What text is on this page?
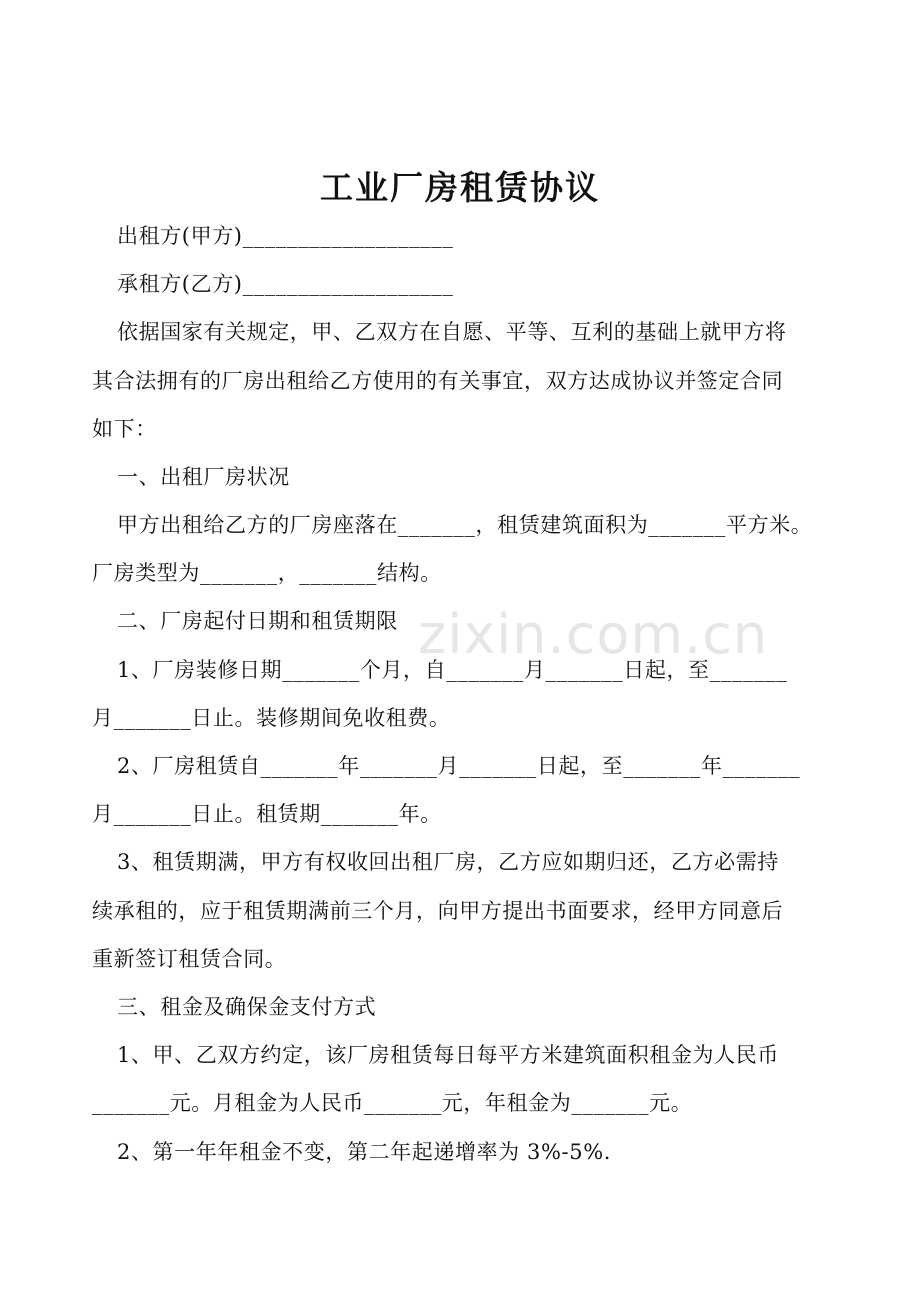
zixin.com.cn
工业厂房租赁协议
出租方(甲方)___________________
承租方(乙方)___________________
依据国家有关规定，甲、乙双方在自愿、平等、互利的基础上就甲方将
其合法拥有的厂房出租给乙方使用的有关事宜，双方达成协议并签定合同
如下：
一、出租厂房状况
甲方出租给乙方的厂房座落在_______，租赁建筑面积为_______平方米。
厂房类型为_______，_______结构。
二、厂房起付日期和租赁期限
1、厂房装修日期_______个月，自_______月_______日起，至_______
月_______日止。装修期间免收租费。
2、厂房租赁自_______年_______月_______日起，至_______年_______
月_______日止。租赁期_______年。
3、租赁期满，甲方有权收回出租厂房，乙方应如期归还，乙方必需持
续承租的，应于租赁期满前三个月，向甲方提出书面要求，经甲方同意后
重新签订租赁合同。
三、租金及确保金支付方式
1、甲、乙双方约定，该厂房租赁每日每平方米建筑面积租金为人民币
_______元。月租金为人民币_______元，年租金为_______元。
2、第一年年租金不变，第二年起递增率为 3%-5%.
